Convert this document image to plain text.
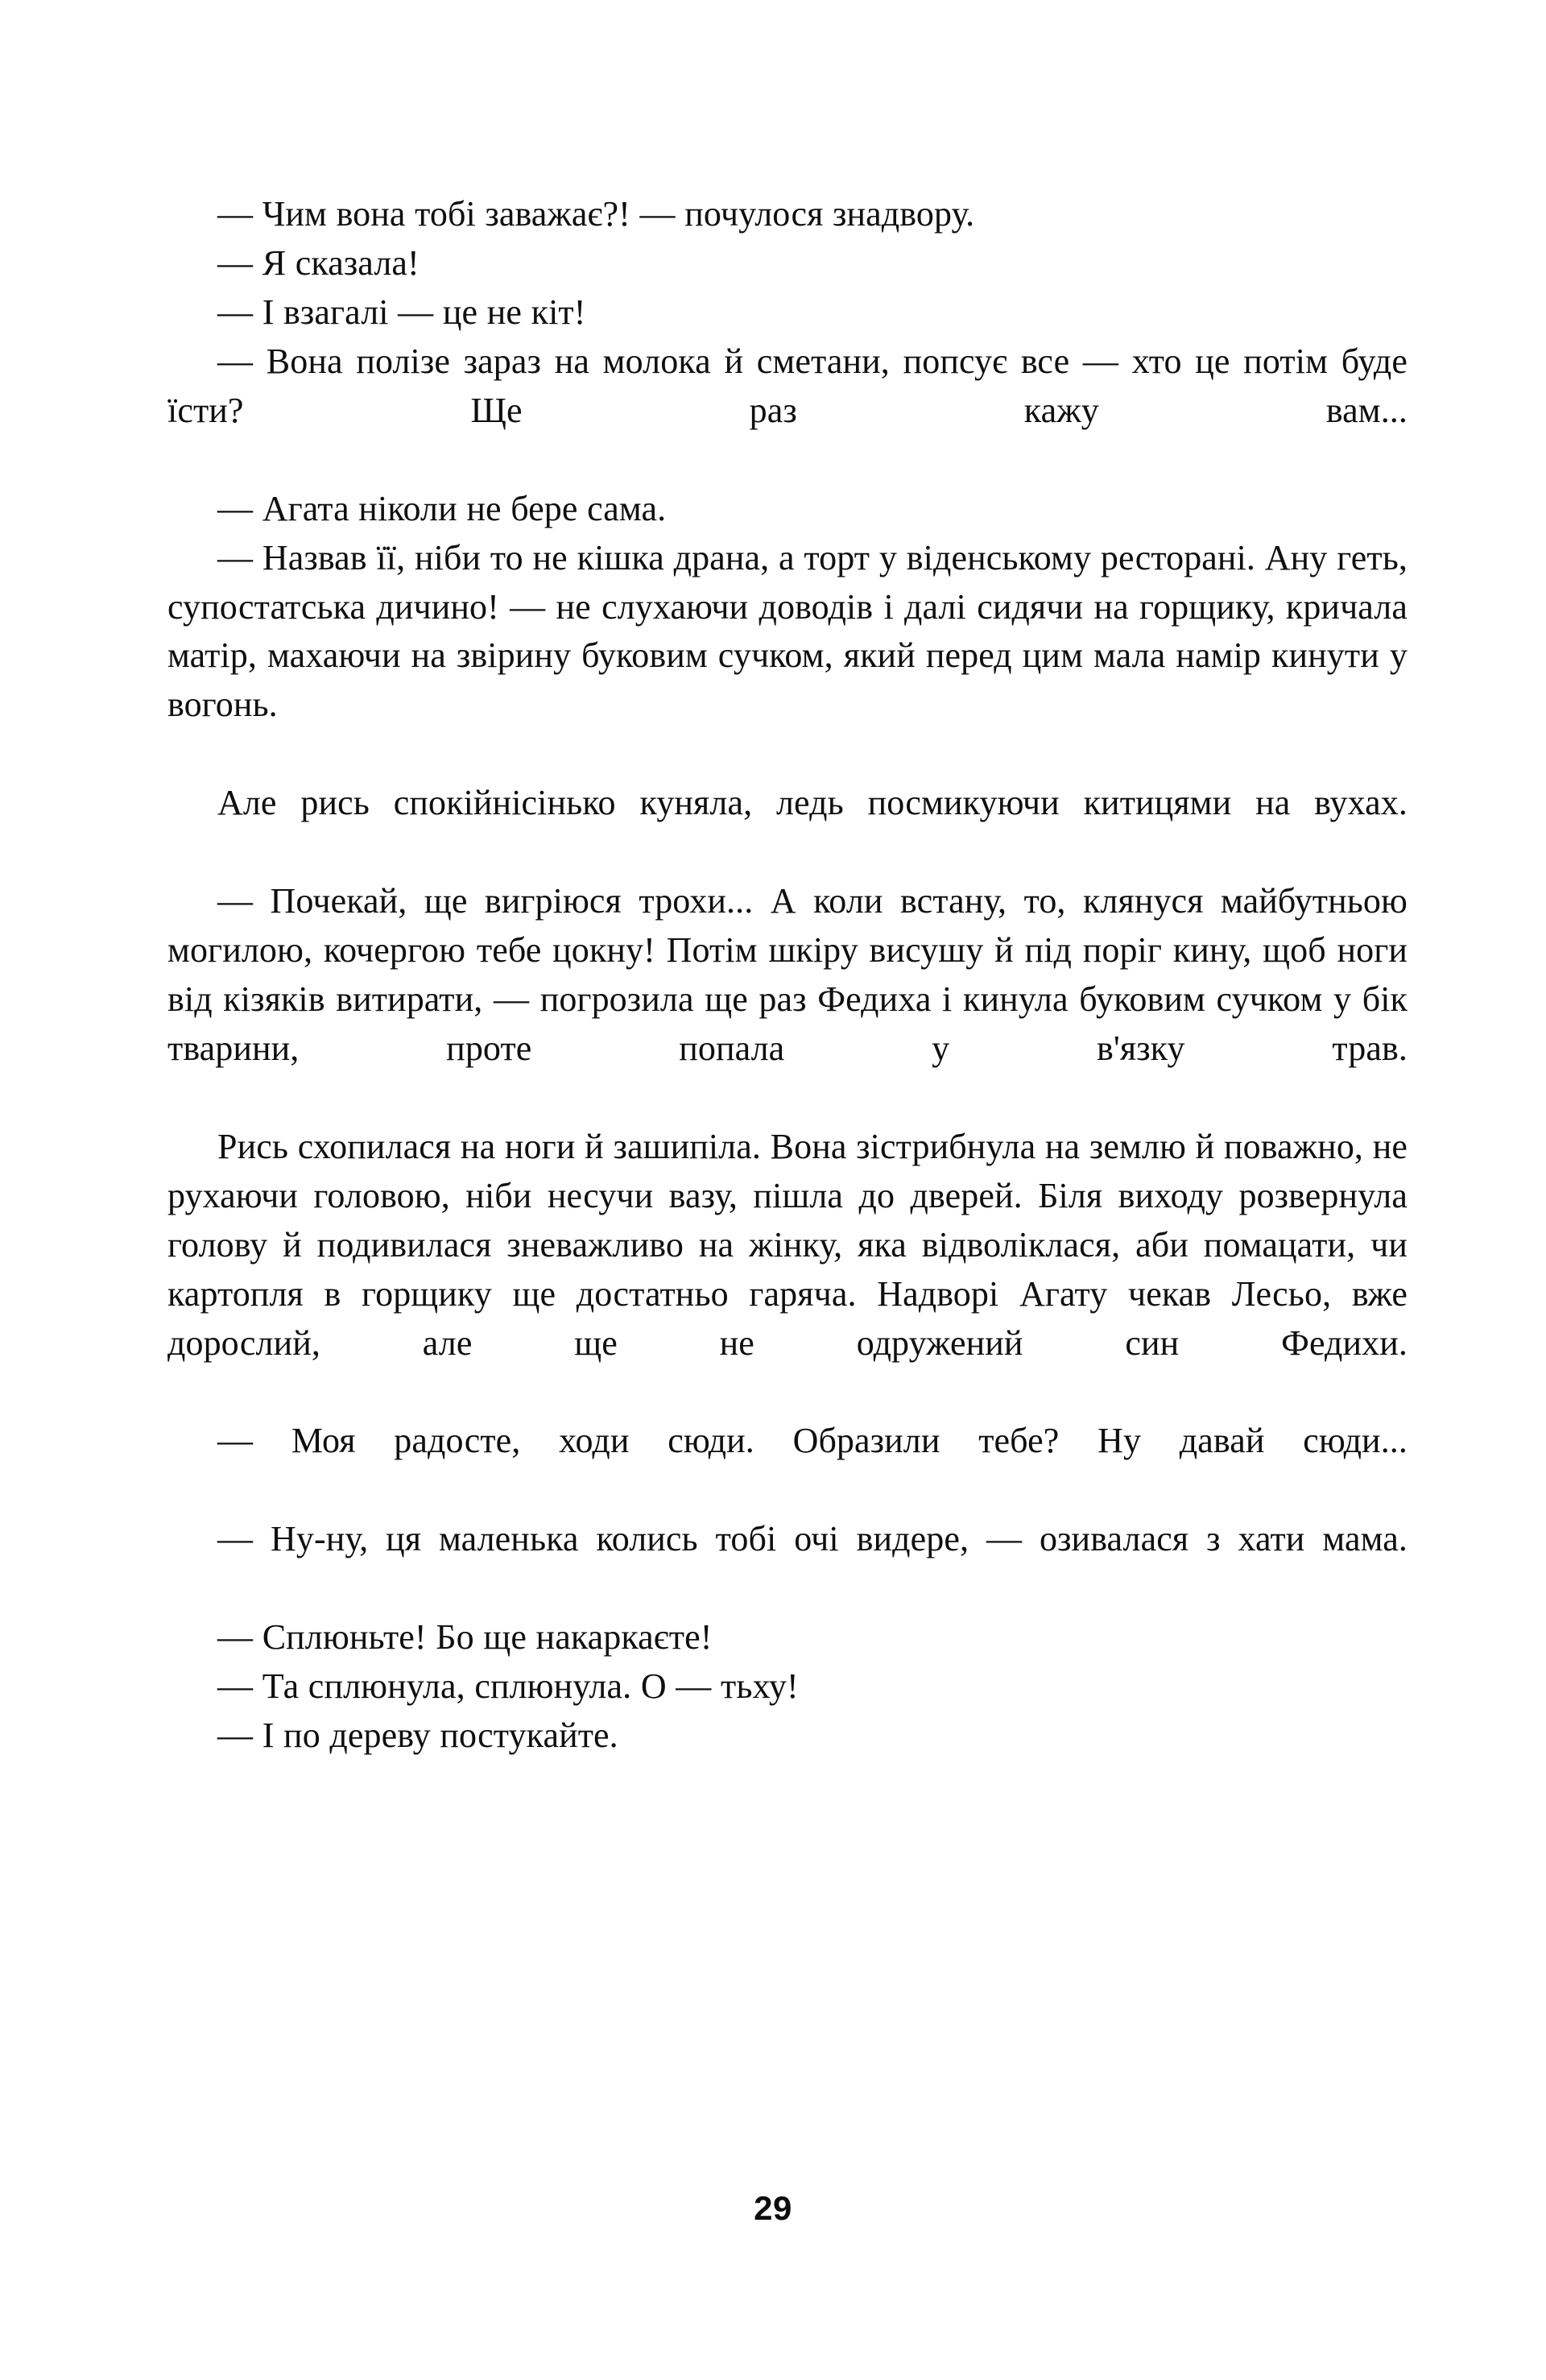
— Чим вона тобі заважає?! — почулося знадвору.

— Я сказала!

— І взагалі — це не кіт!

— Вона полізе зараз на молока й сметани, попсує все — хто це потім буде їсти? Ще раз кажу вам...

— Агата ніколи не бере сама.

— Назвав її, ніби то не кішка драна, а торт у віденському ресторані. Ану геть, супостатська дичино! — не слухаючи доводів і далі сидячи на горщику, кричала матір, махаючи на звірину буковим сучком, який перед цим мала намір кинути у вогонь.

Але рись спокійнісінько куняла, ледь посмикуючи китицями на вухах.

— Почекай, ще вигріюся трохи... А коли встану, то, клянуся майбутньою могилою, кочергою тебе цокну! Потім шкіру висушу й під поріг кину, щоб ноги від кізяків витирати, — погрозила ще раз Федиха і кинула буковим сучком у бік тварини, проте попала у в'язку трав.

Рись схопилася на ноги й зашипіла. Вона зістрибнула на землю й поважно, не рухаючи головою, ніби несучи вазу, пішла до дверей. Біля виходу розвернула голову й подивилася зневажливо на жінку, яка відволіклася, аби помацати, чи картопля в горщику ще достатньо гаряча. Надворі Агату чекав Лесьо, вже дорослий, але ще не одружений син Федихи.

— Моя радосте, ходи сюди. Образили тебе? Ну давай сюди...

— Ну-ну, ця маленька колись тобі очі видере, — озивалася з хати мама.

— Сплюньте! Бо ще накаркаєте!

— Та сплюнула, сплюнула. О — тьху!

— І по дереву постукайте.

29
